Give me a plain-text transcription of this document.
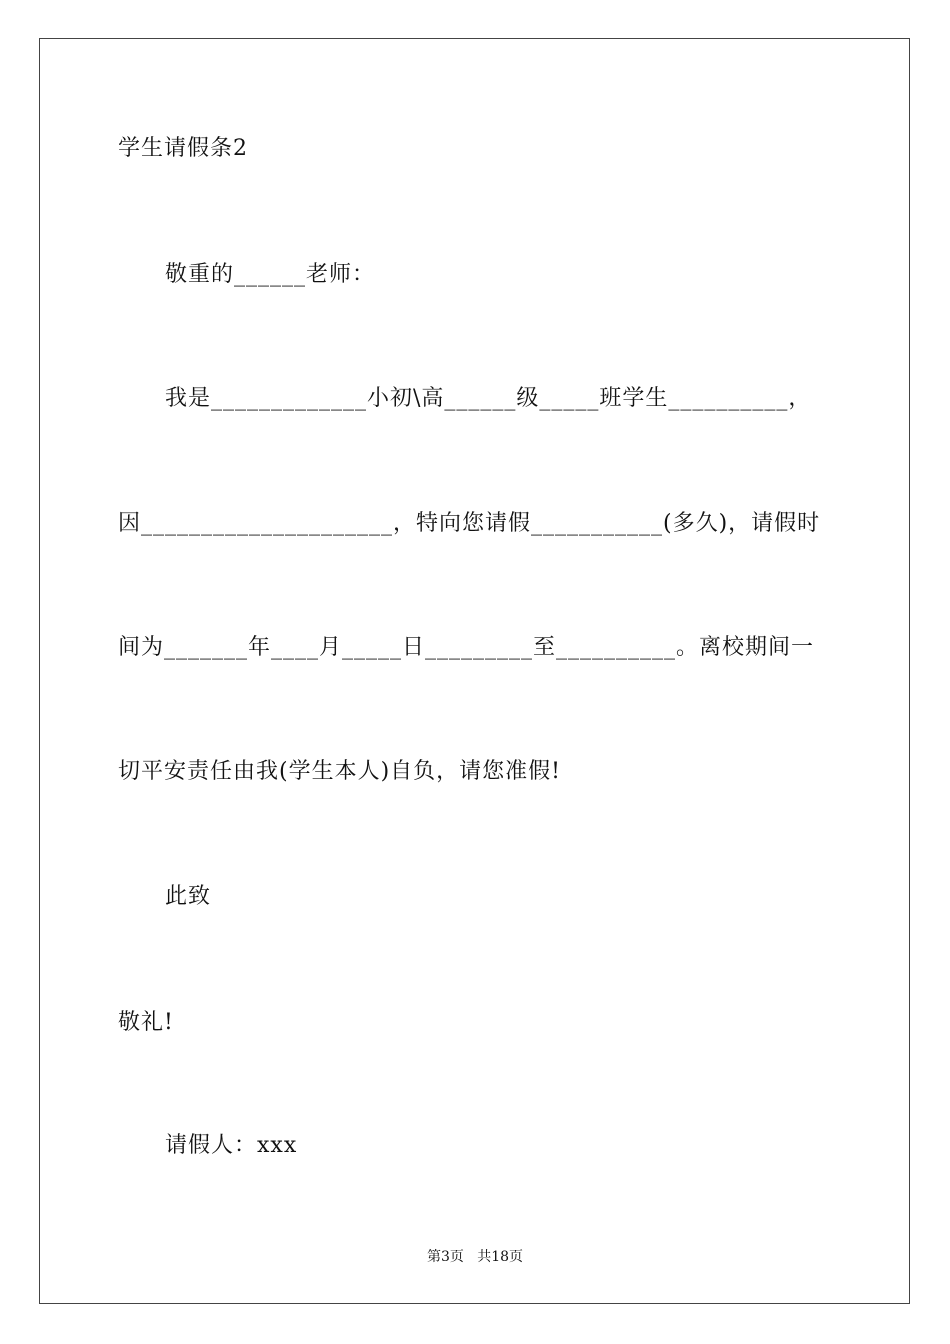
学生请假条2
敬重的______老师：
我是_____________小初\高______级_____班学生__________，
因_____________________，特向您请假___________(多久)，请假时
间为_______年____月_____日_________至__________。离校期间一
切平安责任由我(学生本人)自负，请您准假!
此致
敬礼!
请假人：xxx
第3页   共18页
